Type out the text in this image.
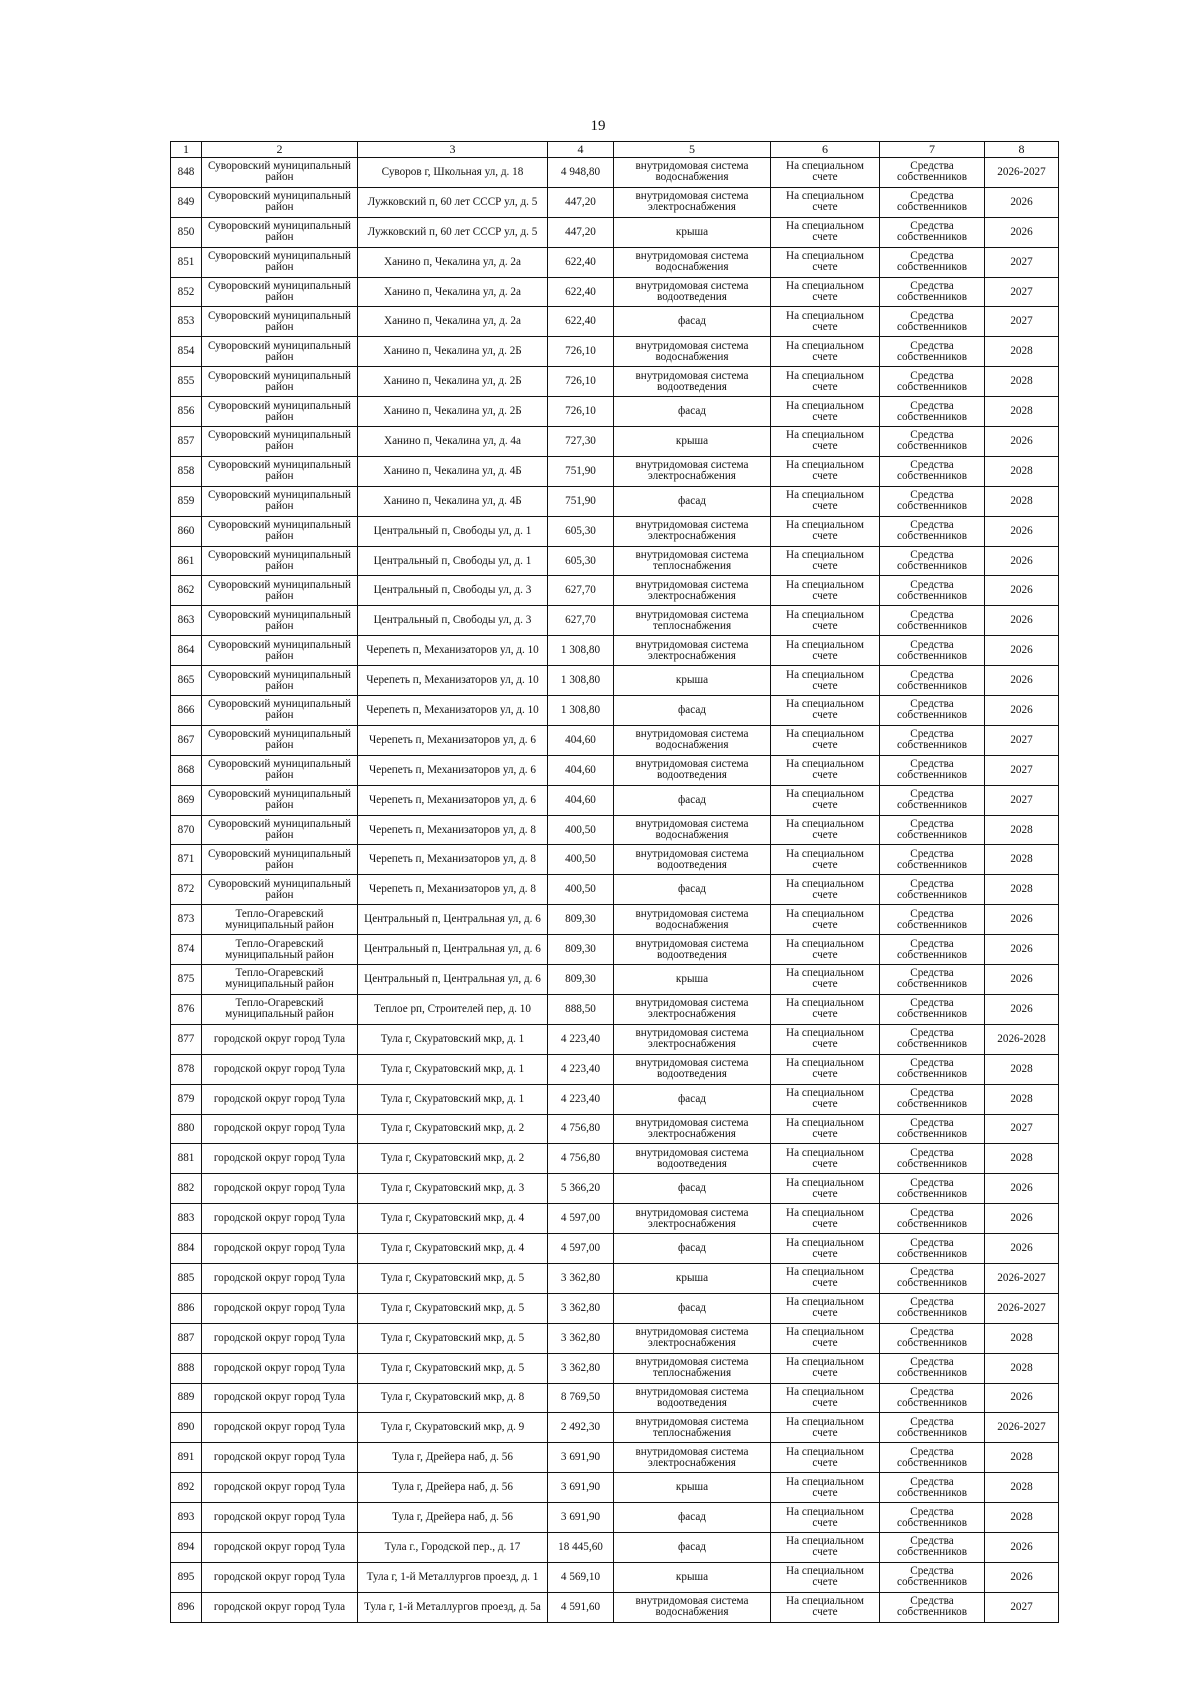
19
1	2	3	4	5	6	7	8
848	Суворовский муниципальный район	Суворов г, Школьная ул, д. 18	4 948,80	внутридомовая система водоснабжения	На специальном счете	Средства собственников	2026-2027
849	Суворовский муниципальный район	Лужковский п, 60 лет СССР ул, д. 5	447,20	внутридомовая система электроснабжения	На специальном счете	Средства собственников	2026
850	Суворовский муниципальный район	Лужковский п, 60 лет СССР ул, д. 5	447,20	крыша	На специальном счете	Средства собственников	2026
851	Суворовский муниципальный район	Ханино п, Чекалина ул, д. 2а	622,40	внутридомовая система водоснабжения	На специальном счете	Средства собственников	2027
852	Суворовский муниципальный район	Ханино п, Чекалина ул, д. 2а	622,40	внутридомовая система водоотведения	На специальном счете	Средства собственников	2027
853	Суворовский муниципальный район	Ханино п, Чекалина ул, д. 2а	622,40	фасад	На специальном счете	Средства собственников	2027
854	Суворовский муниципальный район	Ханино п, Чекалина ул, д. 2Б	726,10	внутридомовая система водоснабжения	На специальном счете	Средства собственников	2028
855	Суворовский муниципальный район	Ханино п, Чекалина ул, д. 2Б	726,10	внутридомовая система водоотведения	На специальном счете	Средства собственников	2028
856	Суворовский муниципальный район	Ханино п, Чекалина ул, д. 2Б	726,10	фасад	На специальном счете	Средства собственников	2028
857	Суворовский муниципальный район	Ханино п, Чекалина ул, д. 4а	727,30	крыша	На специальном счете	Средства собственников	2026
858	Суворовский муниципальный район	Ханино п, Чекалина ул, д. 4Б	751,90	внутридомовая система электроснабжения	На специальном счете	Средства собственников	2028
859	Суворовский муниципальный район	Ханино п, Чекалина ул, д. 4Б	751,90	фасад	На специальном счете	Средства собственников	2028
860	Суворовский муниципальный район	Центральный п, Свободы ул, д. 1	605,30	внутридомовая система электроснабжения	На специальном счете	Средства собственников	2026
861	Суворовский муниципальный район	Центральный п, Свободы ул, д. 1	605,30	внутридомовая система теплоснабжения	На специальном счете	Средства собственников	2026
862	Суворовский муниципальный район	Центральный п, Свободы ул, д. 3	627,70	внутридомовая система электроснабжения	На специальном счете	Средства собственников	2026
863	Суворовский муниципальный район	Центральный п, Свободы ул, д. 3	627,70	внутридомовая система теплоснабжения	На специальном счете	Средства собственников	2026
864	Суворовский муниципальный район	Черепеть п, Механизаторов ул, д. 10	1 308,80	внутридомовая система электроснабжения	На специальном счете	Средства собственников	2026
865	Суворовский муниципальный район	Черепеть п, Механизаторов ул, д. 10	1 308,80	крыша	На специальном счете	Средства собственников	2026
866	Суворовский муниципальный район	Черепеть п, Механизаторов ул, д. 10	1 308,80	фасад	На специальном счете	Средства собственников	2026
867	Суворовский муниципальный район	Черепеть п, Механизаторов ул, д. 6	404,60	внутридомовая система водоснабжения	На специальном счете	Средства собственников	2027
868	Суворовский муниципальный район	Черепеть п, Механизаторов ул, д. 6	404,60	внутридомовая система водоотведения	На специальном счете	Средства собственников	2027
869	Суворовский муниципальный район	Черепеть п, Механизаторов ул, д. 6	404,60	фасад	На специальном счете	Средства собственников	2027
870	Суворовский муниципальный район	Черепеть п, Механизаторов ул, д. 8	400,50	внутридомовая система водоснабжения	На специальном счете	Средства собственников	2028
871	Суворовский муниципальный район	Черепеть п, Механизаторов ул, д. 8	400,50	внутридомовая система водоотведения	На специальном счете	Средства собственников	2028
872	Суворовский муниципальный район	Черепеть п, Механизаторов ул, д. 8	400,50	фасад	На специальном счете	Средства собственников	2028
873	Тепло-Огаревский муниципальный район	Центральный п, Центральная ул, д. 6	809,30	внутридомовая система водоснабжения	На специальном счете	Средства собственников	2026
874	Тепло-Огаревский муниципальный район	Центральный п, Центральная ул, д. 6	809,30	внутридомовая система водоотведения	На специальном счете	Средства собственников	2026
875	Тепло-Огаревский муниципальный район	Центральный п, Центральная ул, д. 6	809,30	крыша	На специальном счете	Средства собственников	2026
876	Тепло-Огаревский муниципальный район	Теплое рп, Строителей пер, д. 10	888,50	внутридомовая система электроснабжения	На специальном счете	Средства собственников	2026
877	городской округ город Тула	Тула г, Скуратовский мкр, д. 1	4 223,40	внутридомовая система электроснабжения	На специальном счете	Средства собственников	2026-2028
878	городской округ город Тула	Тула г, Скуратовский мкр, д. 1	4 223,40	внутридомовая система водоотведения	На специальном счете	Средства собственников	2028
879	городской округ город Тула	Тула г, Скуратовский мкр, д. 1	4 223,40	фасад	На специальном счете	Средства собственников	2028
880	городской округ город Тула	Тула г, Скуратовский мкр, д. 2	4 756,80	внутридомовая система электроснабжения	На специальном счете	Средства собственников	2027
881	городской округ город Тула	Тула г, Скуратовский мкр, д. 2	4 756,80	внутридомовая система водоотведения	На специальном счете	Средства собственников	2028
882	городской округ город Тула	Тула г, Скуратовский мкр, д. 3	5 366,20	фасад	На специальном счете	Средства собственников	2026
883	городской округ город Тула	Тула г, Скуратовский мкр, д. 4	4 597,00	внутридомовая система электроснабжения	На специальном счете	Средства собственников	2026
884	городской округ город Тула	Тула г, Скуратовский мкр, д. 4	4 597,00	фасад	На специальном счете	Средства собственников	2026
885	городской округ город Тула	Тула г, Скуратовский мкр, д. 5	3 362,80	крыша	На специальном счете	Средства собственников	2026-2027
886	городской округ город Тула	Тула г, Скуратовский мкр, д. 5	3 362,80	фасад	На специальном счете	Средства собственников	2026-2027
887	городской округ город Тула	Тула г, Скуратовский мкр, д. 5	3 362,80	внутридомовая система электроснабжения	На специальном счете	Средства собственников	2028
888	городской округ город Тула	Тула г, Скуратовский мкр, д. 5	3 362,80	внутридомовая система теплоснабжения	На специальном счете	Средства собственников	2028
889	городской округ город Тула	Тула г, Скуратовский мкр, д. 8	8 769,50	внутридомовая система водоотведения	На специальном счете	Средства собственников	2026
890	городской округ город Тула	Тула г, Скуратовский мкр, д. 9	2 492,30	внутридомовая система теплоснабжения	На специальном счете	Средства собственников	2026-2027
891	городской округ город Тула	Тула г, Дрейера наб, д. 56	3 691,90	внутридомовая система электроснабжения	На специальном счете	Средства собственников	2028
892	городской округ город Тула	Тула г, Дрейера наб, д. 56	3 691,90	крыша	На специальном счете	Средства собственников	2028
893	городской округ город Тула	Тула г, Дрейера наб, д. 56	3 691,90	фасад	На специальном счете	Средства собственников	2028
894	городской округ город Тула	Тула г., Городской пер., д. 17	18 445,60	фасад	На специальном счете	Средства собственников	2026
895	городской округ город Тула	Тула г, 1-й Металлургов проезд, д. 1	4 569,10	крыша	На специальном счете	Средства собственников	2026
896	городской округ город Тула	Тула г, 1-й Металлургов проезд, д. 5а	4 591,60	внутридомовая система водоснабжения	На специальном счете	Средства собственников	2027
